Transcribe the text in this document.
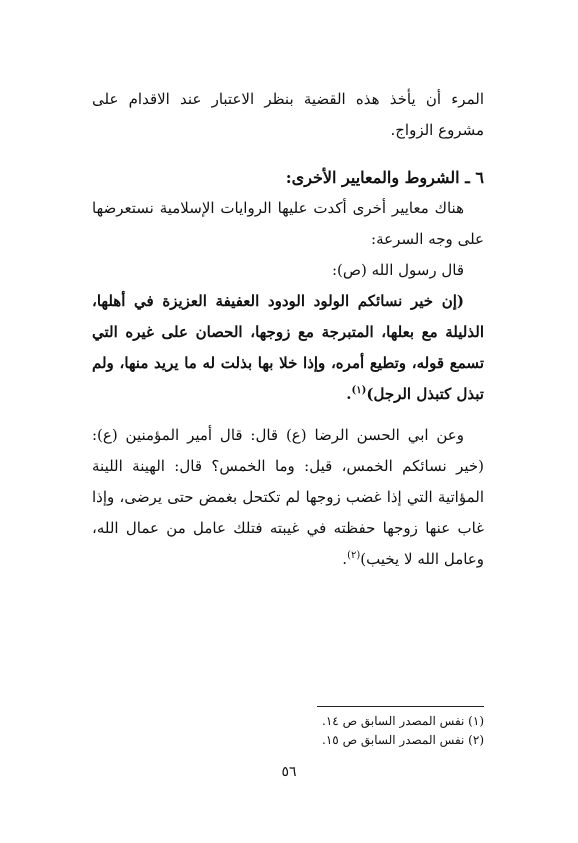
المرء أن يأخذ هذه القضية بنظر الاعتبار عند الاقدام على مشروع الزواج.

٦ ـ الشروط والمعايير الأخرى:

هناك معايير أخرى أكدت عليها الروايات الإسلامية نستعرضها على وجه السرعة:

قال رسول الله (ص):

(إن خير نسائكم الولود الودود العفيفة العزيزة في أهلها، الذليلة مع بعلها، المتبرجة مع زوجها، الحصان على غيره التي تسمع قوله، وتطيع أمره، وإذا خلا بها بذلت له ما يريد منها، ولم تبذل كتبذل الرجل)$^{(١)}$.

وعن ابي الحسن الرضا (ع) قال: قال أمير المؤمنين (ع): (خير نسائكم الخمس، قيل: وما الخمس؟ قال: الهينة اللينة المؤاتية التي إذا غضب زوجها لم تكتحل بغمض حتى يرضى، وإذا غاب عنها زوجها حفظته في غيبته فتلك عامل من عمال الله، وعامل الله لا يخيب)$^{(٢)}$.

(١) نفس المصدر السابق ص ١٤.

(٢) نفس المصدر السابق ص ١٥.

٥٦
